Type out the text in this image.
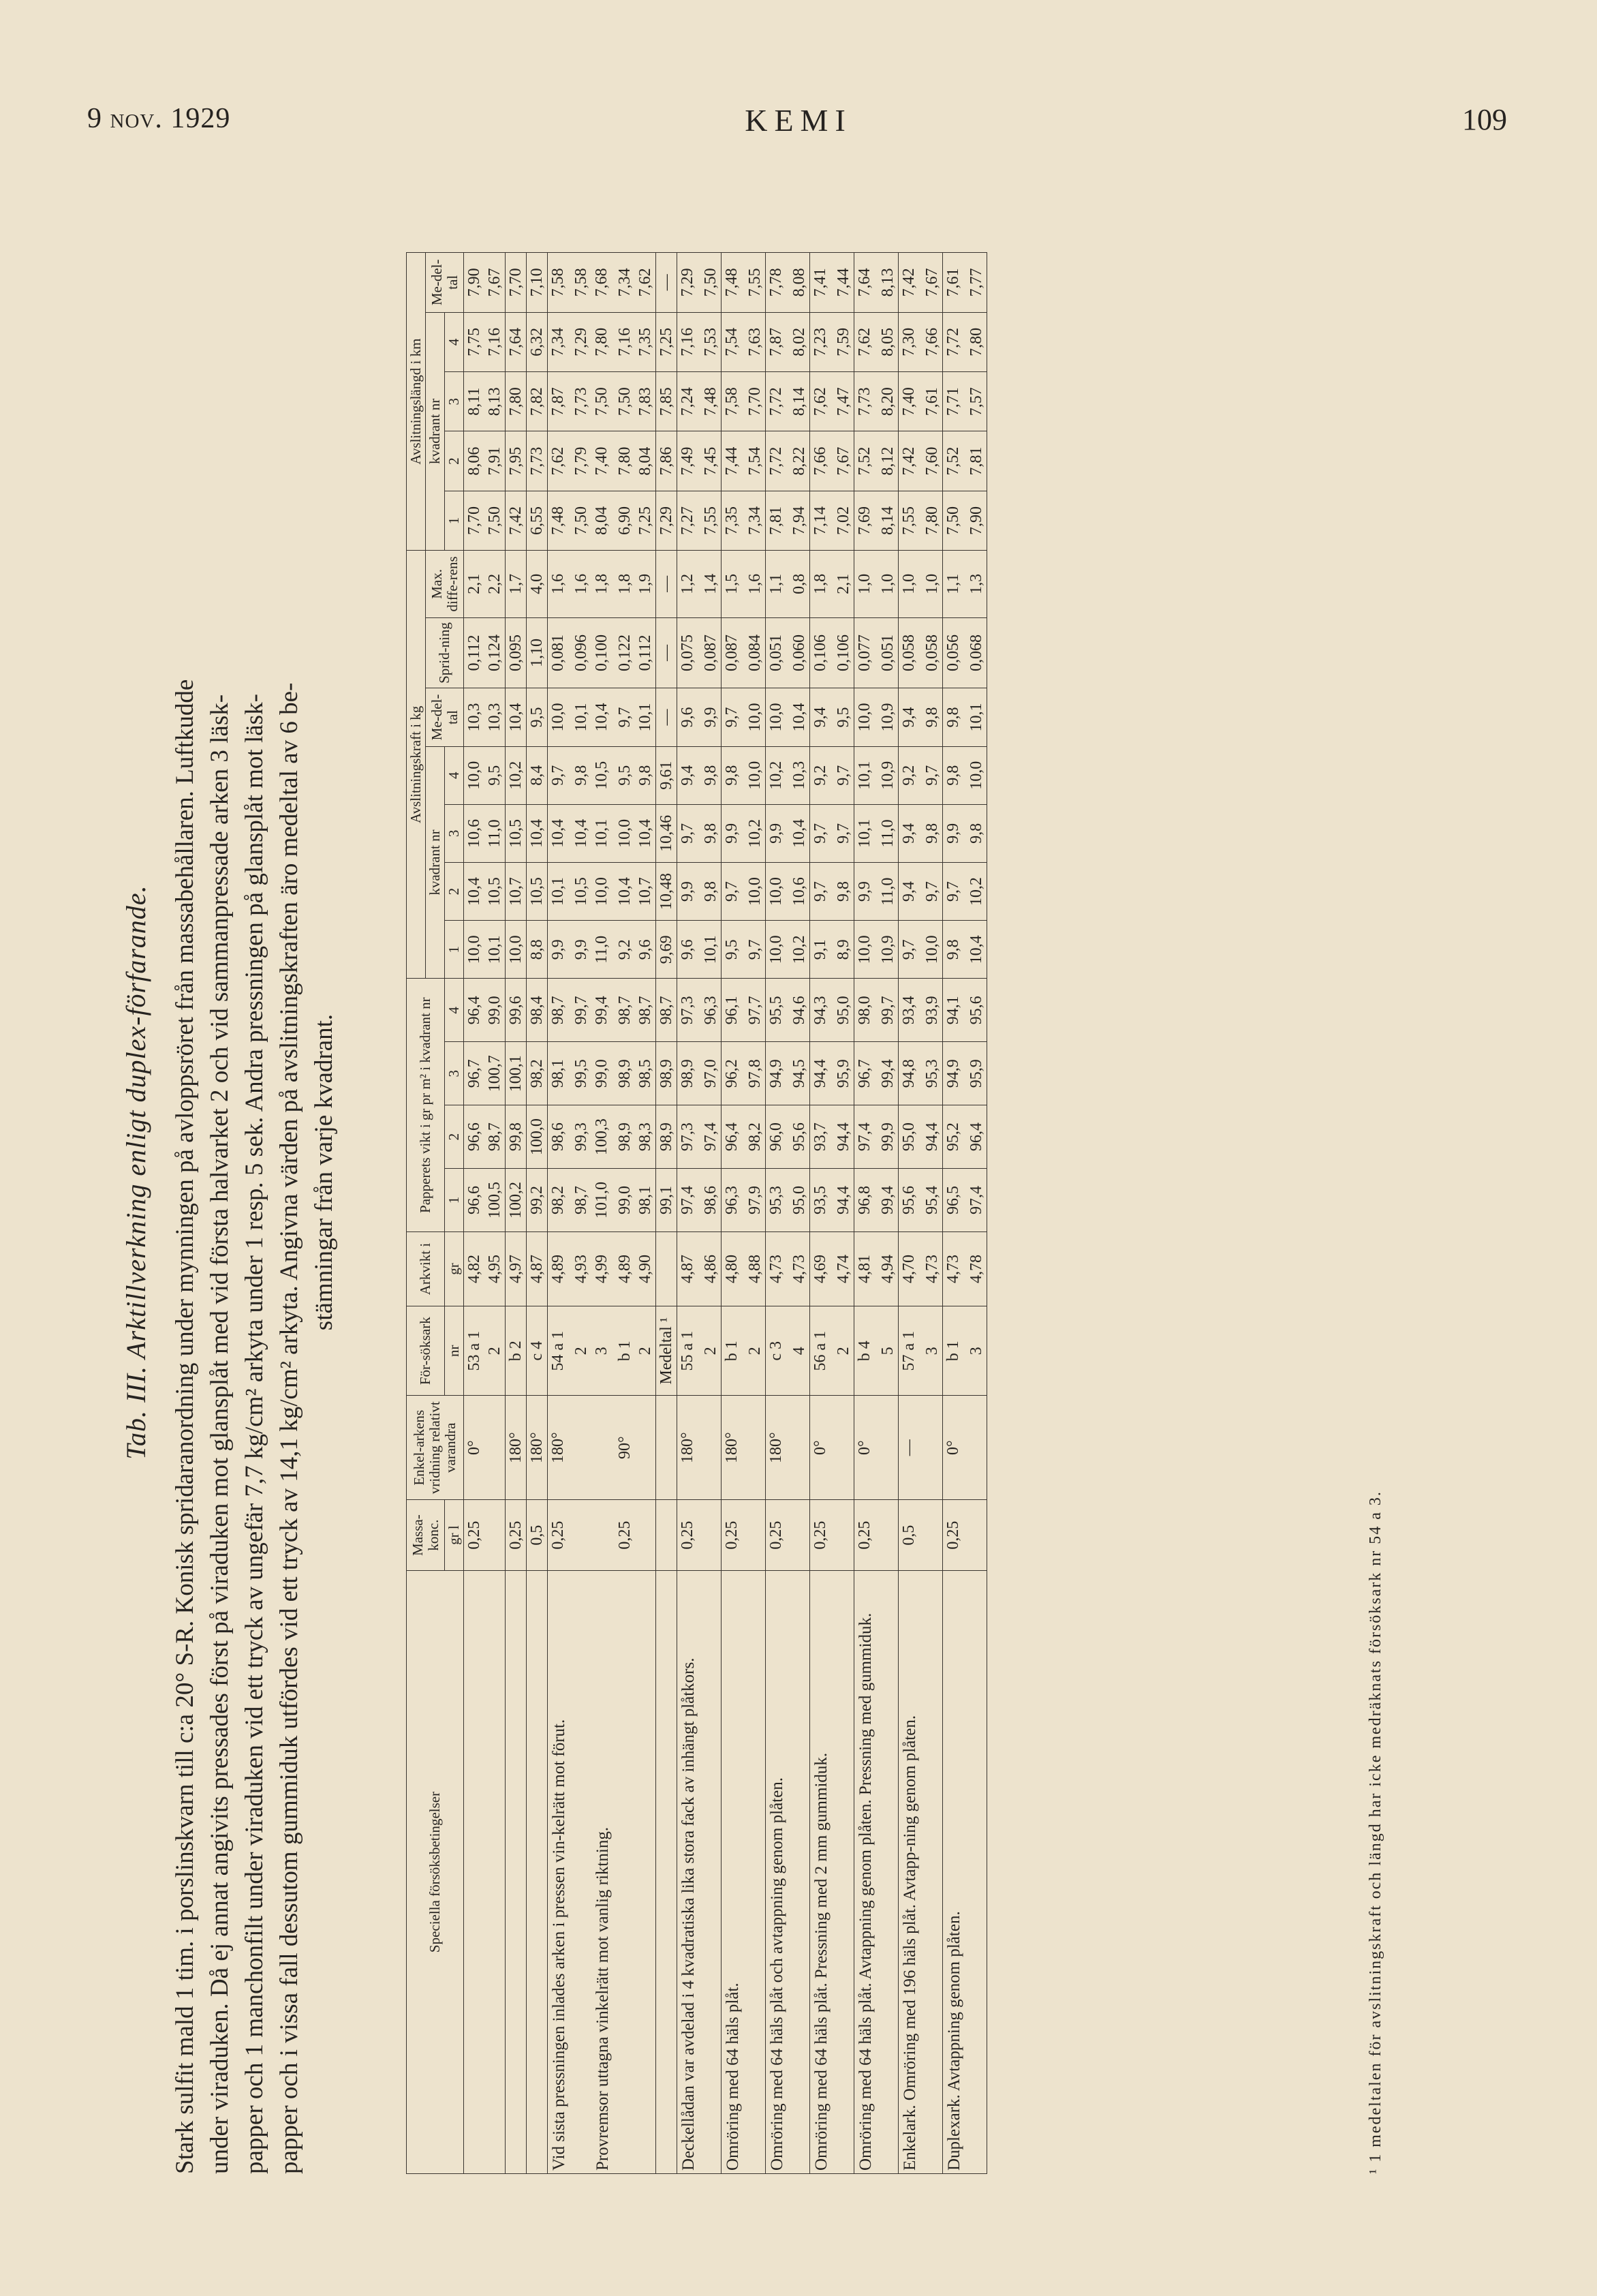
9 nov. 1929	KEMI	109
Tab. III. Arktillverkning enligt duplex-förfarande. Stark sulfit mald 1 tim. i porslinskvarn till c:a 20° S-R. Konisk spridaranordning under mynningen på avloppsröret från massabehållaren. Luftkudde under viraduken. Då ej annat angivits pressades först på viraduken mot glansplåt med vid första halvarket 2 och vid sammanpressade arken 3 läsk- papper och 1 manchonfilt under viraduken vid ett tryck av ungefär 7,7 kg/cm² arkyta under 1 resp. 5 sek. Andra pressningen på glansplåt mot läsk- papper och i vissa fall dessutom gummiduk utfördes vid ett tryck av 14,1 kg/cm² arkyta. Angivna värden på avslitningskraften äro medeltal av 6 be- stämningar från varje kvadrant.
Speciella försöksbetingelser	Massa-konc.	Enkel-arkens vridning relativt varandra	För-söksark	Arkvikt i	Papperets vikt i gr pr m² i kvadrant nr				Avslitningskraft i kg							Avslitningslängd i km				
									kvadrant nr				Me-del-tal	Sprid-ning	Max. diffe-rens	kvadrant nr				Me-del-tal
	gr l		nr	gr	1	2	3	4	1	2	3	4				1	2	3	4	
	0,25	0°	53 a 1	4,82	96,6	96,6	96,7	96,4	10,0	10,4	10,6	10,0	10,3	0,112	2,1	7,70	8,06	8,11	7,75	7,90
			2	4,95	100,5	98,7	100,7	99,0	10,1	10,5	11,0	9,5	10,3	0,124	2,2	7,50	7,91	8,13	7,16	7,67
	0,25	180°	b 2	4,97	100,2	99,8	100,1	99,6	10,0	10,7	10,5	10,2	10,4	0,095	1,7	7,42	7,95	7,80	7,64	7,70
	0,5	180°	c 4	4,87	99,2	100,0	98,2	98,4	8,8	10,5	10,4	8,4	9,5	1,10	4,0	6,55	7,73	7,82	6,32	7,10
Vid sista pressningen inlades arken i pressen vin-kelrätt mot förut.	0,25	180°	54 a 1	4,89	98,2	98,6	98,1	98,7	9,9	10,1	10,4	9,7	10,0	0,081	1,6	7,48	7,62	7,87	7,34	7,58
			2	4,93	98,7	99,3	99,5	99,7	9,9	10,5	10,4	9,8	10,1	0,096	1,6	7,50	7,79	7,73	7,29	7,58
Provremsor uttagna vinkelrätt mot vanlig riktning.			3	4,99	101,0	100,3	99,0	99,4	11,0	10,0	10,1	10,5	10,4	0,100	1,8	8,04	7,40	7,50	7,80	7,68
	0,25	90°	b 1	4,89	99,0	98,9	98,9	98,7	9,2	10,4	10,0	9,5	9,7	0,122	1,8	6,90	7,80	7,50	7,16	7,34
			2	4,90	98,1	98,3	98,5	98,7	9,6	10,7	10,4	9,8	10,1	0,112	1,9	7,25	8,04	7,83	7,35	7,62
			Medeltal ¹		99,1	98,9	98,9	98,7	9,69	10,48	10,46	9,61	—	—	—	7,29	7,86	7,85	7,25	—
Deckellådan var avdelad i 4 kvadratiska lika stora fack av inhängt plåtkors.	0,25	180°	55 a 1	4,87	97,4	97,3	98,9	97,3	9,6	9,9	9,7	9,4	9,6	0,075	1,2	7,27	7,49	7,24	7,16	7,29
			2	4,86	98,6	97,4	97,0	96,3	10,1	9,8	9,8	9,8	9,9	0,087	1,4	7,55	7,45	7,48	7,53	7,50
Omröring med 64 häls plåt.	0,25	180°	b 1	4,80	96,3	96,4	96,2	96,1	9,5	9,7	9,9	9,8	9,7	0,087	1,5	7,35	7,44	7,58	7,54	7,48
			2	4,88	97,9	98,2	97,8	97,7	9,7	10,0	10,2	10,0	10,0	0,084	1,6	7,34	7,54	7,70	7,63	7,55
Omröring med 64 häls plåt och avtappning genom plåten.	0,25	180°	c 3	4,73	95,3	96,0	94,9	95,5	10,0	10,0	9,9	10,2	10,0	0,051	1,1	7,81	7,72	7,72	7,87	7,78
			4	4,73	95,0	95,6	94,5	94,6	10,2	10,6	10,4	10,3	10,4	0,060	0,8	7,94	8,22	8,14	8,02	8,08
Omröring med 64 häls plåt. Pressning med 2 mm gummiduk.	0,25	0°	56 a 1	4,69	93,5	93,7	94,4	94,3	9,1	9,7	9,7	9,2	9,4	0,106	1,8	7,14	7,66	7,62	7,23	7,41
			2	4,74	94,4	94,4	95,9	95,0	8,9	9,8	9,7	9,7	9,5	0,106	2,1	7,02	7,67	7,47	7,59	7,44
Omröring med 64 häls plåt. Avtappning genom plåten. Pressning med gummiduk.	0,25	0°	b 4	4,81	96,8	97,4	96,7	98,0	10,0	9,9	10,1	10,1	10,0	0,077	1,0	7,69	7,52	7,73	7,62	7,64
			5	4,94	99,4	99,9	99,4	99,7	10,9	11,0	11,0	10,9	10,9	0,051	1,0	8,14	8,12	8,20	8,05	8,13
Enkelark. Omröring med 196 häls plåt. Avtapp-ning genom plåten.	0,5	—	57 a 1	4,70	95,6	95,0	94,8	93,4	9,7	9,4	9,4	9,2	9,4	0,058	1,0	7,55	7,42	7,40	7,30	7,42
			3	4,73	95,4	94,4	95,3	93,9	10,0	9,7	9,8	9,7	9,8	0,058	1,0	7,80	7,60	7,61	7,66	7,67
Duplexark. Avtappning genom plåten.	0,25	0°	b 1	4,73	96,5	95,2	94,9	94,1	9,8	9,7	9,9	9,8	9,8	0,056	1,1	7,50	7,52	7,71	7,72	7,61
			3	4,78	97,4	96,4	95,9	95,6	10,4	10,2	9,8	10,0	10,1	0,068	1,3	7,90	7,81	7,57	7,80	7,77
¹ 1 medeltalen för avslitningskraft och längd har icke medräknats försöksark nr 54 a 3.
